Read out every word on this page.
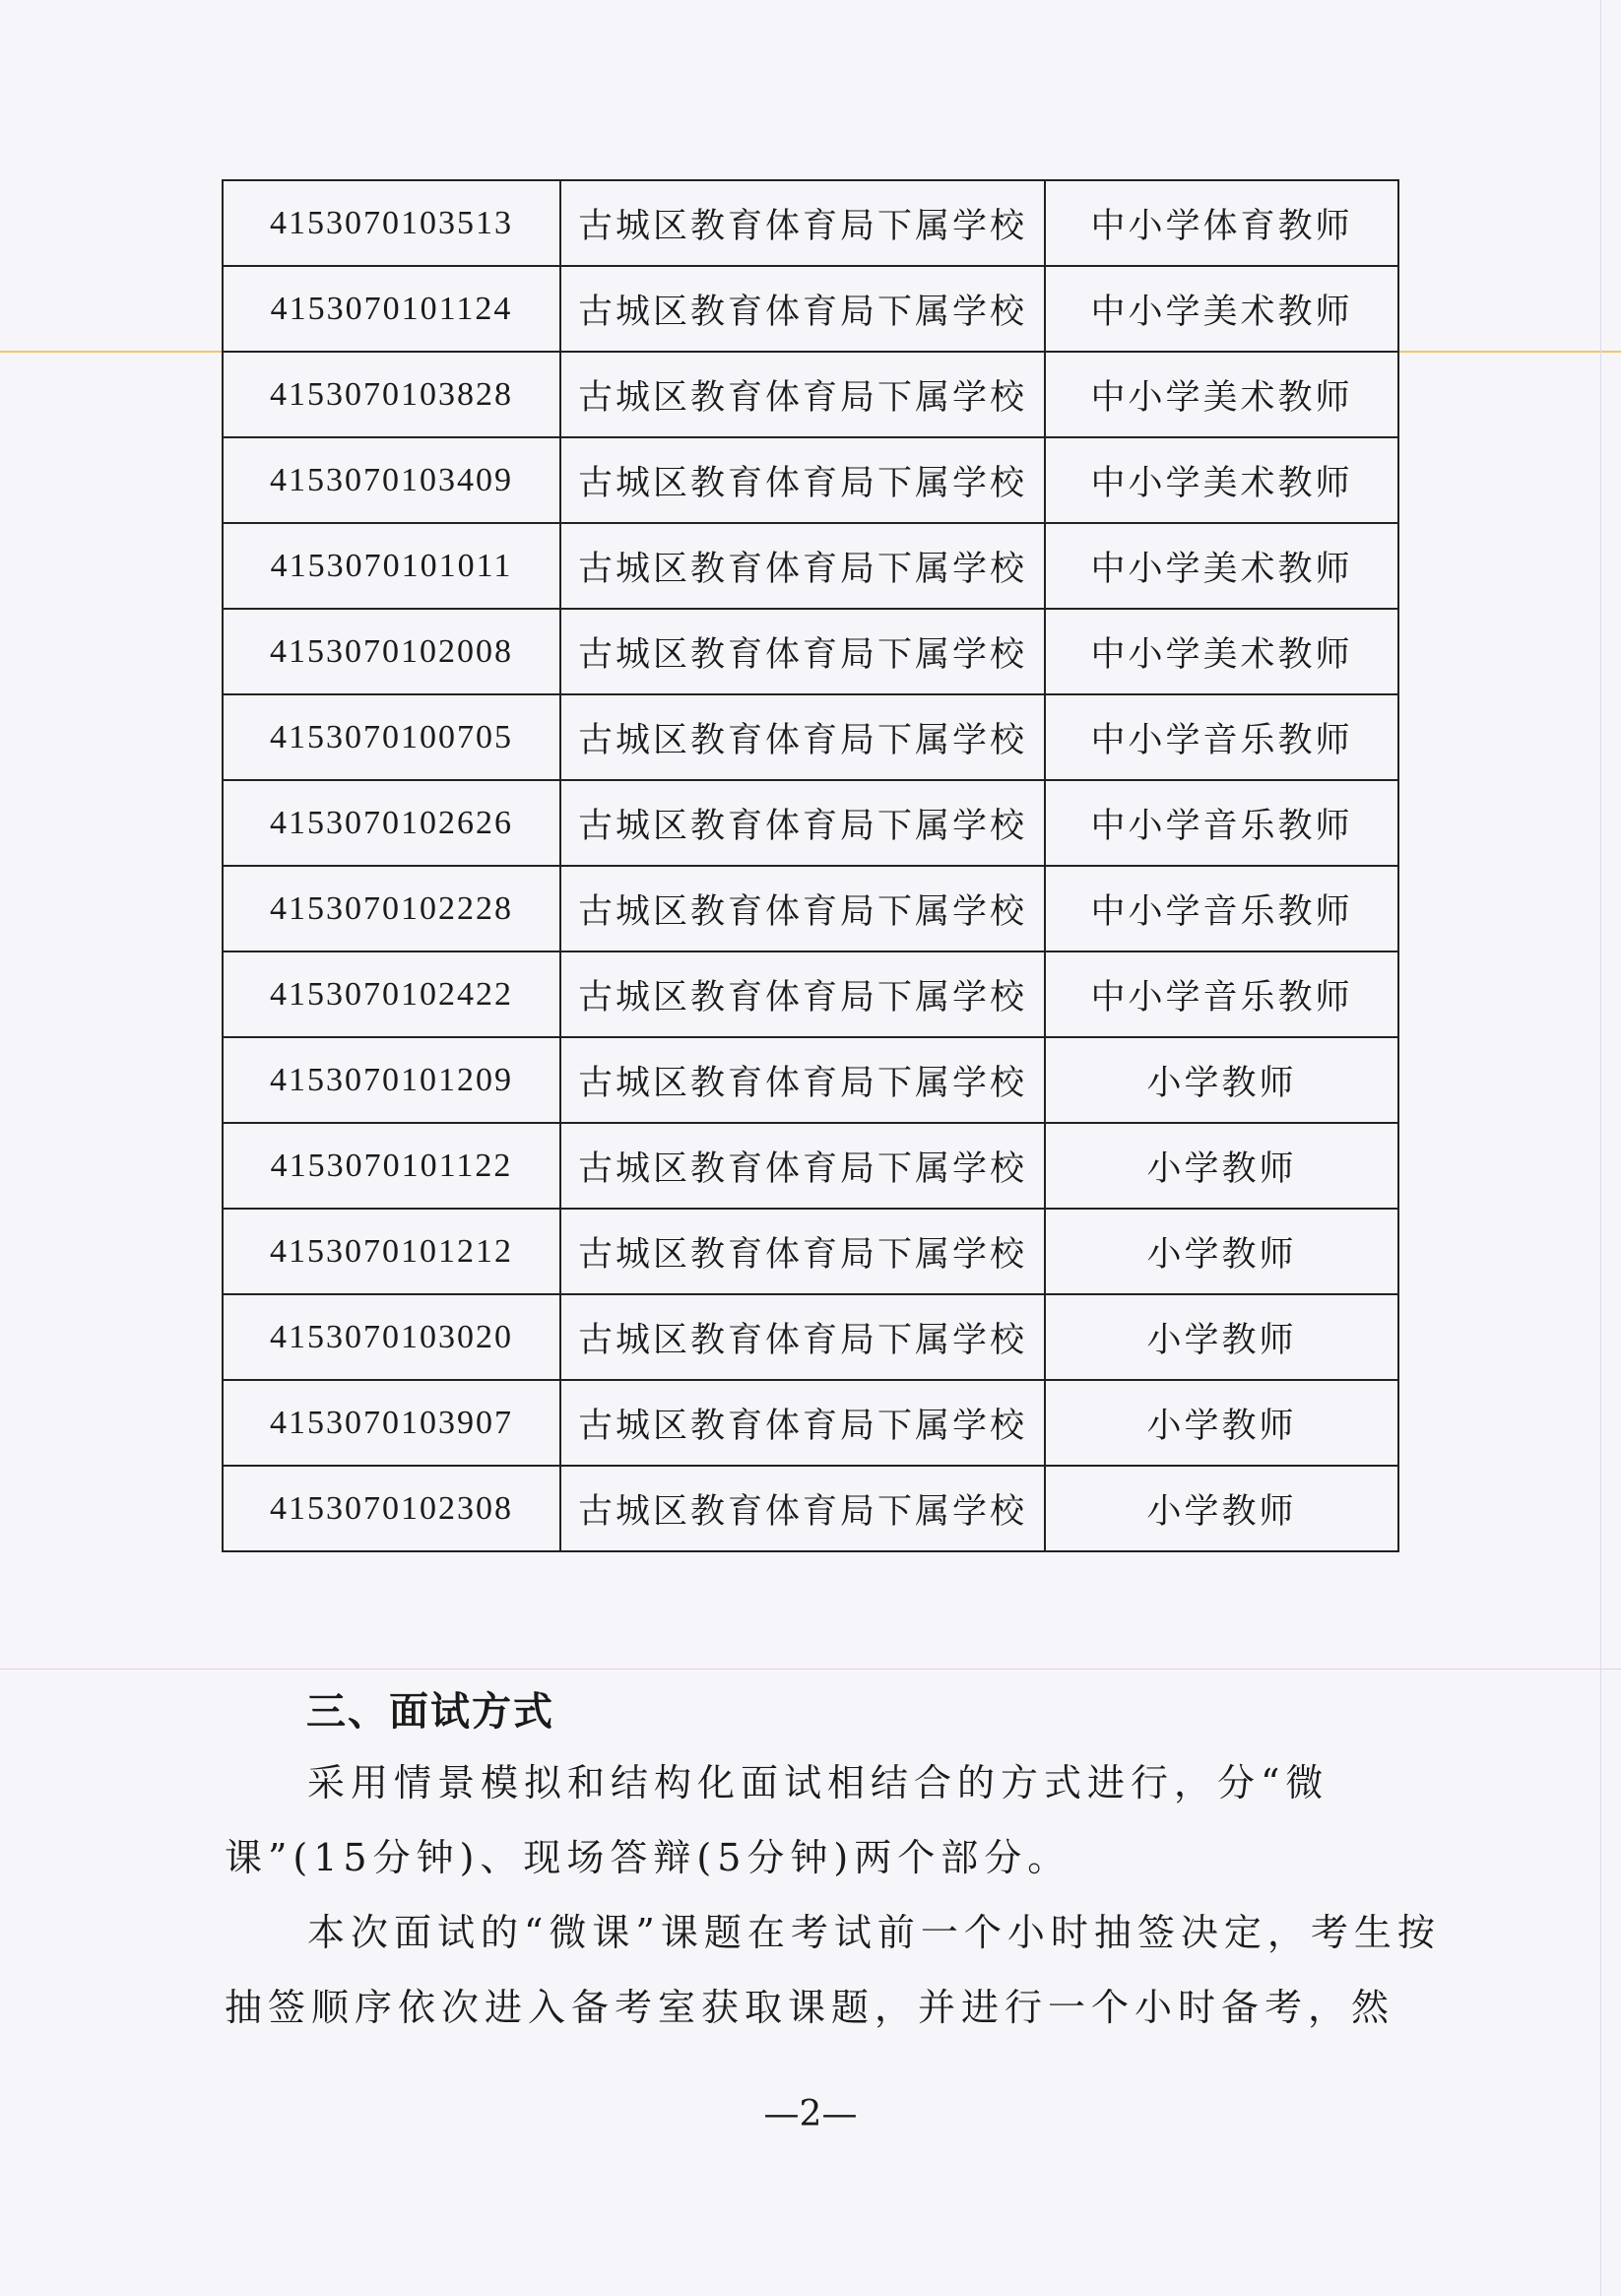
4153070103513	古城区教育体育局下属学校	中小学体育教师
4153070101124	古城区教育体育局下属学校	中小学美术教师
4153070103828	古城区教育体育局下属学校	中小学美术教师
4153070103409	古城区教育体育局下属学校	中小学美术教师
4153070101011	古城区教育体育局下属学校	中小学美术教师
4153070102008	古城区教育体育局下属学校	中小学美术教师
4153070100705	古城区教育体育局下属学校	中小学音乐教师
4153070102626	古城区教育体育局下属学校	中小学音乐教师
4153070102228	古城区教育体育局下属学校	中小学音乐教师
4153070102422	古城区教育体育局下属学校	中小学音乐教师
4153070101209	古城区教育体育局下属学校	小学教师
4153070101122	古城区教育体育局下属学校	小学教师
4153070101212	古城区教育体育局下属学校	小学教师
4153070103020	古城区教育体育局下属学校	小学教师
4153070103907	古城区教育体育局下属学校	小学教师
4153070102308	古城区教育体育局下属学校	小学教师
三、面试方式

采用情景模拟和结构化面试相结合的方式进行，分“微课”(15分钟)、现场答辩(5分钟)两个部分。

本次面试的“微课”课题在考试前一个小时抽签决定，考生按抽签顺序依次进入备考室获取课题，并进行一个小时备考，然

—2—
